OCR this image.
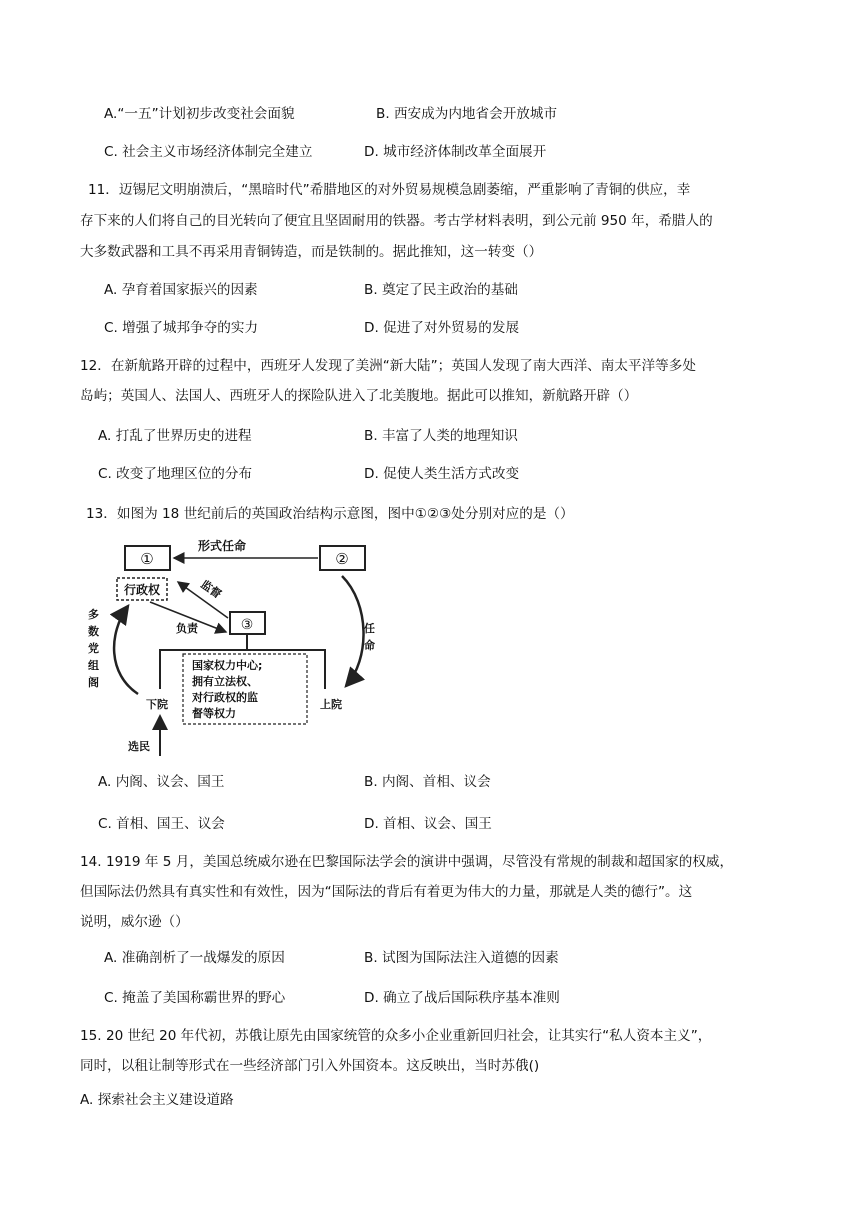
A.“一五”计划初步改变社会面貌	B. 西安成为内地省会开放城市
C. 社会主义市场经济体制完全建立	D. 城市经济体制改革全面展开
11．迈锡尼文明崩溃后，“黑暗时代”希腊地区的对外贸易规模急剧萎缩，严重影响了青铜的供应，幸
存下来的人们将自己的目光转向了便宜且坚固耐用的铁器。考古学材料表明，到公元前 950 年，希腊人的
大多数武器和工具不再采用青铜铸造，而是铁制的。据此推知，这一转变（）
A. 孕育着国家振兴的因素	B. 奠定了民主政治的基础
C. 增强了城邦争夺的实力	D. 促进了对外贸易的发展
12．在新航路开辟的过程中，西班牙人发现了美洲“新大陆”；英国人发现了南大西洋、南太平洋等多处
岛屿；英国人、法国人、西班牙人的探险队进入了北美腹地。据此可以推知，新航路开辟（）
A. 打乱了世界历史的进程	B. 丰富了人类的地理知识
C. 改变了地理区位的分布	D. 促使人类生活方式改变
13．如图为 18 世纪前后的英国政治结构示意图，图中①②③处分别对应的是（）
①	②
形式任命
行政权	监督
负责	③
国家权力中心;
拥有立法权、
对行政权的监
督等权力
下院	上院
多
数
党
组
阁
任
命
选民
A. 内阁、议会、国王	B. 内阁、首相、议会
C. 首相、国王、议会	D. 首相、议会、国王
14. 1919 年 5 月，美国总统威尔逊在巴黎国际法学会的演讲中强调，尽管没有常规的制裁和超国家的权威，
但国际法仍然具有真实性和有效性，因为“国际法的背后有着更为伟大的力量，那就是人类的德行”。这
说明，威尔逊（）
A. 准确剖析了一战爆发的原因	B. 试图为国际法注入道德的因素
C. 掩盖了美国称霸世界的野心	D. 确立了战后国际秩序基本准则
15. 20 世纪 20 年代初，苏俄让原先由国家统管的众多小企业重新回归社会，让其实行“私人资本主义”，
同时，以租让制等形式在一些经济部门引入外国资本。这反映出，当时苏俄()
A. 探索社会主义建设道路
